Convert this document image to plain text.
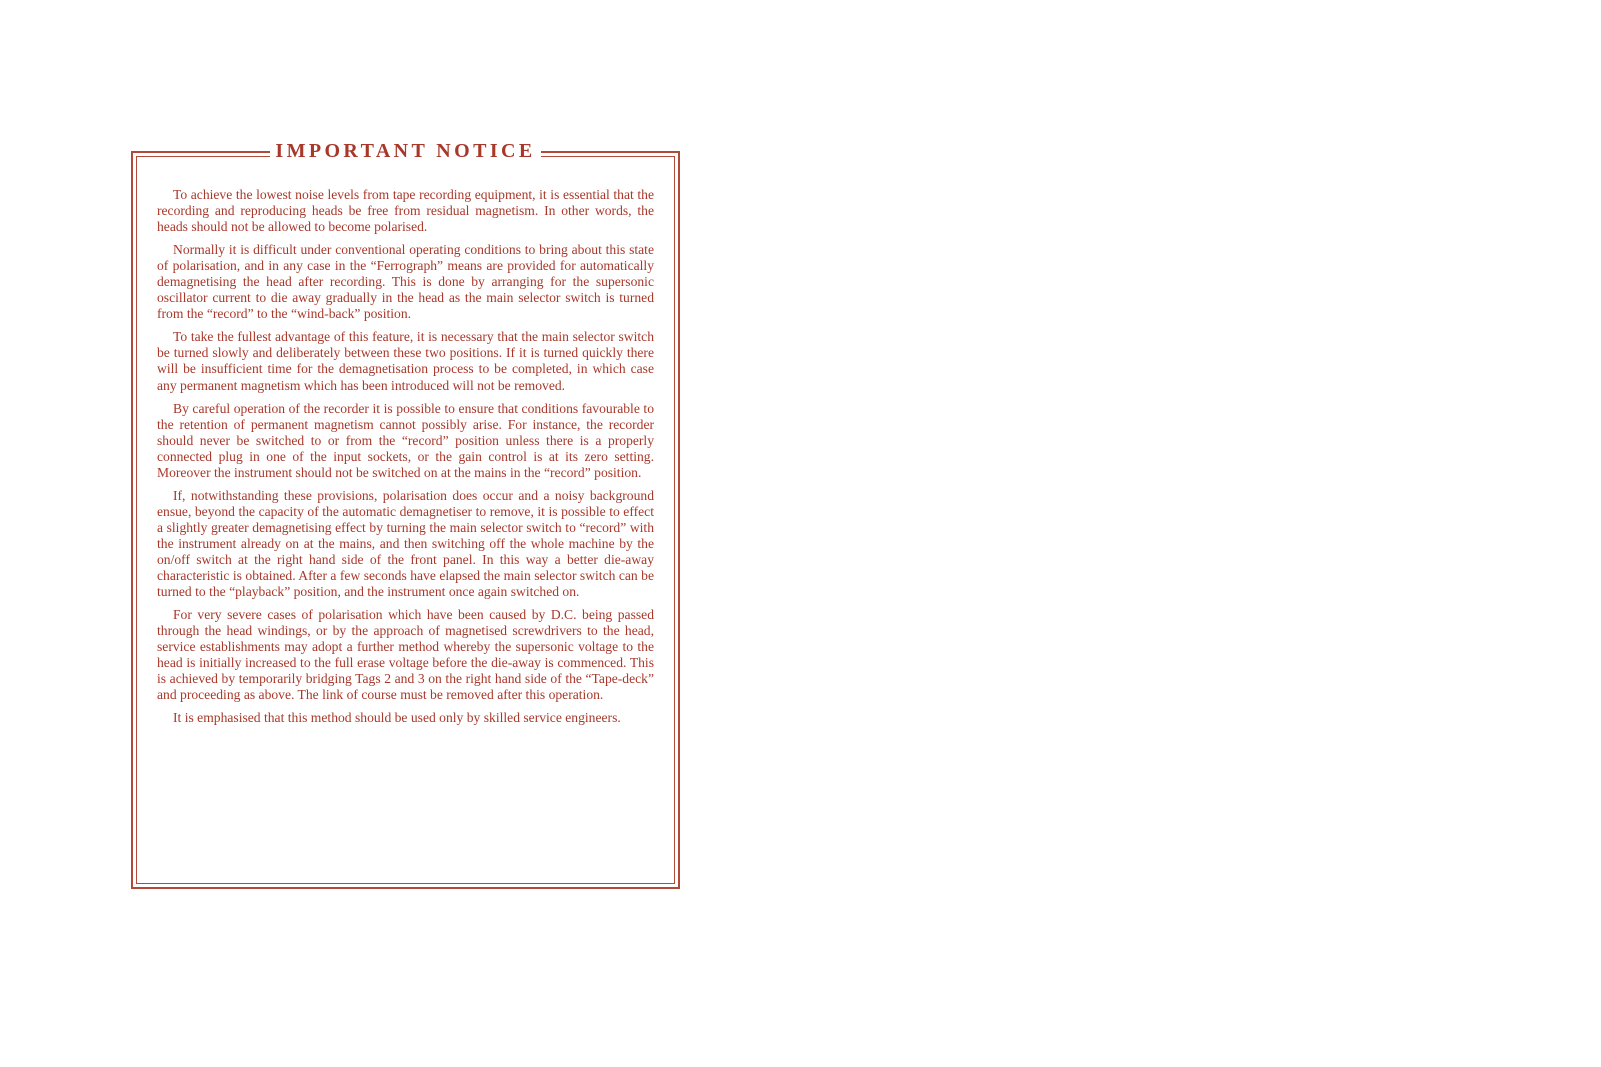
IMPORTANT NOTICE

To achieve the lowest noise levels from tape recording equipment, it is essential that the recording and reproducing heads be free from residual magnetism. In other words, the heads should not be allowed to become polarised.

Normally it is difficult under conventional operating conditions to bring about this state of polarisation, and in any case in the “Ferrograph” means are provided for automatically demagnetising the head after recording. This is done by arranging for the supersonic oscillator current to die away gradually in the head as the main selector switch is turned from the “record” to the “wind-back” position.

To take the fullest advantage of this feature, it is necessary that the main selector switch be turned slowly and deliberately between these two positions. If it is turned quickly there will be insufficient time for the demagnetisation process to be completed, in which case any permanent magnetism which has been introduced will not be removed.

By careful operation of the recorder it is possible to ensure that conditions favourable to the retention of permanent magnetism cannot possibly arise. For instance, the recorder should never be switched to or from the “record” position unless there is a properly connected plug in one of the input sockets, or the gain control is at its zero setting. Moreover the instrument should not be switched on at the mains in the “record” position.

If, notwithstanding these provisions, polarisation does occur and a noisy background ensue, beyond the capacity of the automatic demagnetiser to remove, it is possible to effect a slightly greater demagnetising effect by turning the main selector switch to “record” with the instrument already on at the mains, and then switching off the whole machine by the on/off switch at the right hand side of the front panel. In this way a better die-away characteristic is obtained. After a few seconds have elapsed the main selector switch can be turned to the “playback” position, and the instrument once again switched on.

For very severe cases of polarisation which have been caused by D.C. being passed through the head windings, or by the approach of magnetised screwdrivers to the head, service establishments may adopt a further method whereby the supersonic voltage to the head is initially increased to the full erase voltage before the die-away is commenced. This is achieved by temporarily bridging Tags 2 and 3 on the right hand side of the “Tape-deck” and proceeding as above. The link of course must be removed after this operation.

It is emphasised that this method should be used only by skilled service engineers.
